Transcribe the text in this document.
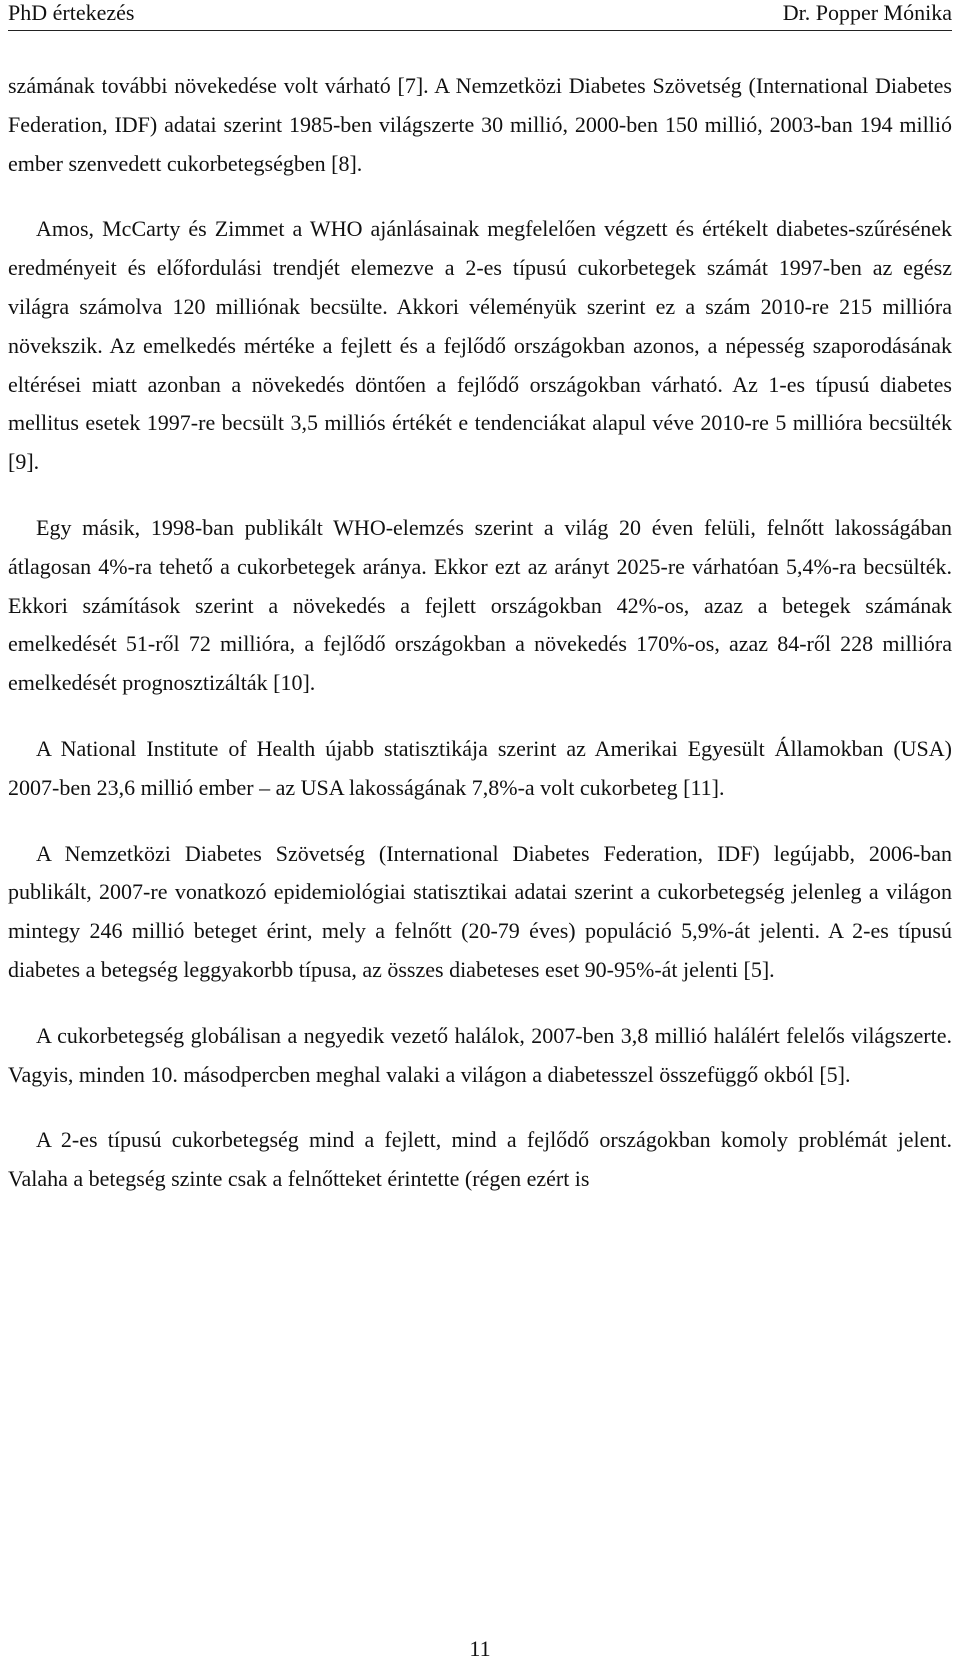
PhD értekezés	Dr. Popper Mónika

számának további növekedése volt várható [7]. A Nemzetközi Diabetes Szövetség (International Diabetes Federation, IDF) adatai szerint 1985-ben világszerte 30 millió, 2000-ben 150 millió, 2003-ban 194 millió ember szenvedett cukorbetegségben [8].

Amos, McCarty és Zimmet a WHO ajánlásainak megfelelően végzett és értékelt diabetes-szűrésének eredményeit és előfordulási trendjét elemezve a 2-es típusú cukorbetegek számát 1997-ben az egész világra számolva 120 milliónak becsülte. Akkori véleményük szerint ez a szám 2010-re 215 millióra növekszik. Az emelkedés mértéke a fejlett és a fejlődő országokban azonos, a népesség szaporodásának eltérései miatt azonban a növekedés döntően a fejlődő országokban várható. Az 1-es típusú diabetes mellitus esetek 1997-re becsült 3,5 milliós értékét e tendenciákat alapul véve 2010-re 5 millióra becsülték [9].

Egy másik, 1998-ban publikált WHO-elemzés szerint a világ 20 éven felüli, felnőtt lakosságában átlagosan 4%-ra tehető a cukorbetegek aránya. Ekkor ezt az arányt 2025-re várhatóan 5,4%-ra becsülték. Ekkori számítások szerint a növekedés a fejlett országokban 42%-os, azaz a betegek számának emelkedését 51-ről 72 millióra, a fejlődő országokban a növekedés 170%-os, azaz 84-ről 228 millióra emelkedését prognosztizálták [10].

A National Institute of Health újabb statisztikája szerint az Amerikai Egyesült Államokban (USA) 2007-ben 23,6 millió ember – az USA lakosságának 7,8%-a volt cukorbeteg [11].

A Nemzetközi Diabetes Szövetség (International Diabetes Federation, IDF) legújabb, 2006-ban publikált, 2007-re vonatkozó epidemiológiai statisztikai adatai szerint a cukorbetegség jelenleg a világon mintegy 246 millió beteget érint, mely a felnőtt (20-79 éves) populáció 5,9%-át jelenti. A 2-es típusú diabetes a betegség leggyakorbb típusa, az összes diabeteses eset 90-95%-át jelenti [5].

A cukorbetegség globálisan a negyedik vezető halálok, 2007-ben 3,8 millió halálért felelős világszerte. Vagyis, minden 10. másodpercben meghal valaki a világon a diabetesszel összefüggő okból [5].

A 2-es típusú cukorbetegség mind a fejlett, mind a fejlődő országokban komoly problémát jelent. Valaha a betegség szinte csak a felnőtteket érintette (régen ezért is

11
